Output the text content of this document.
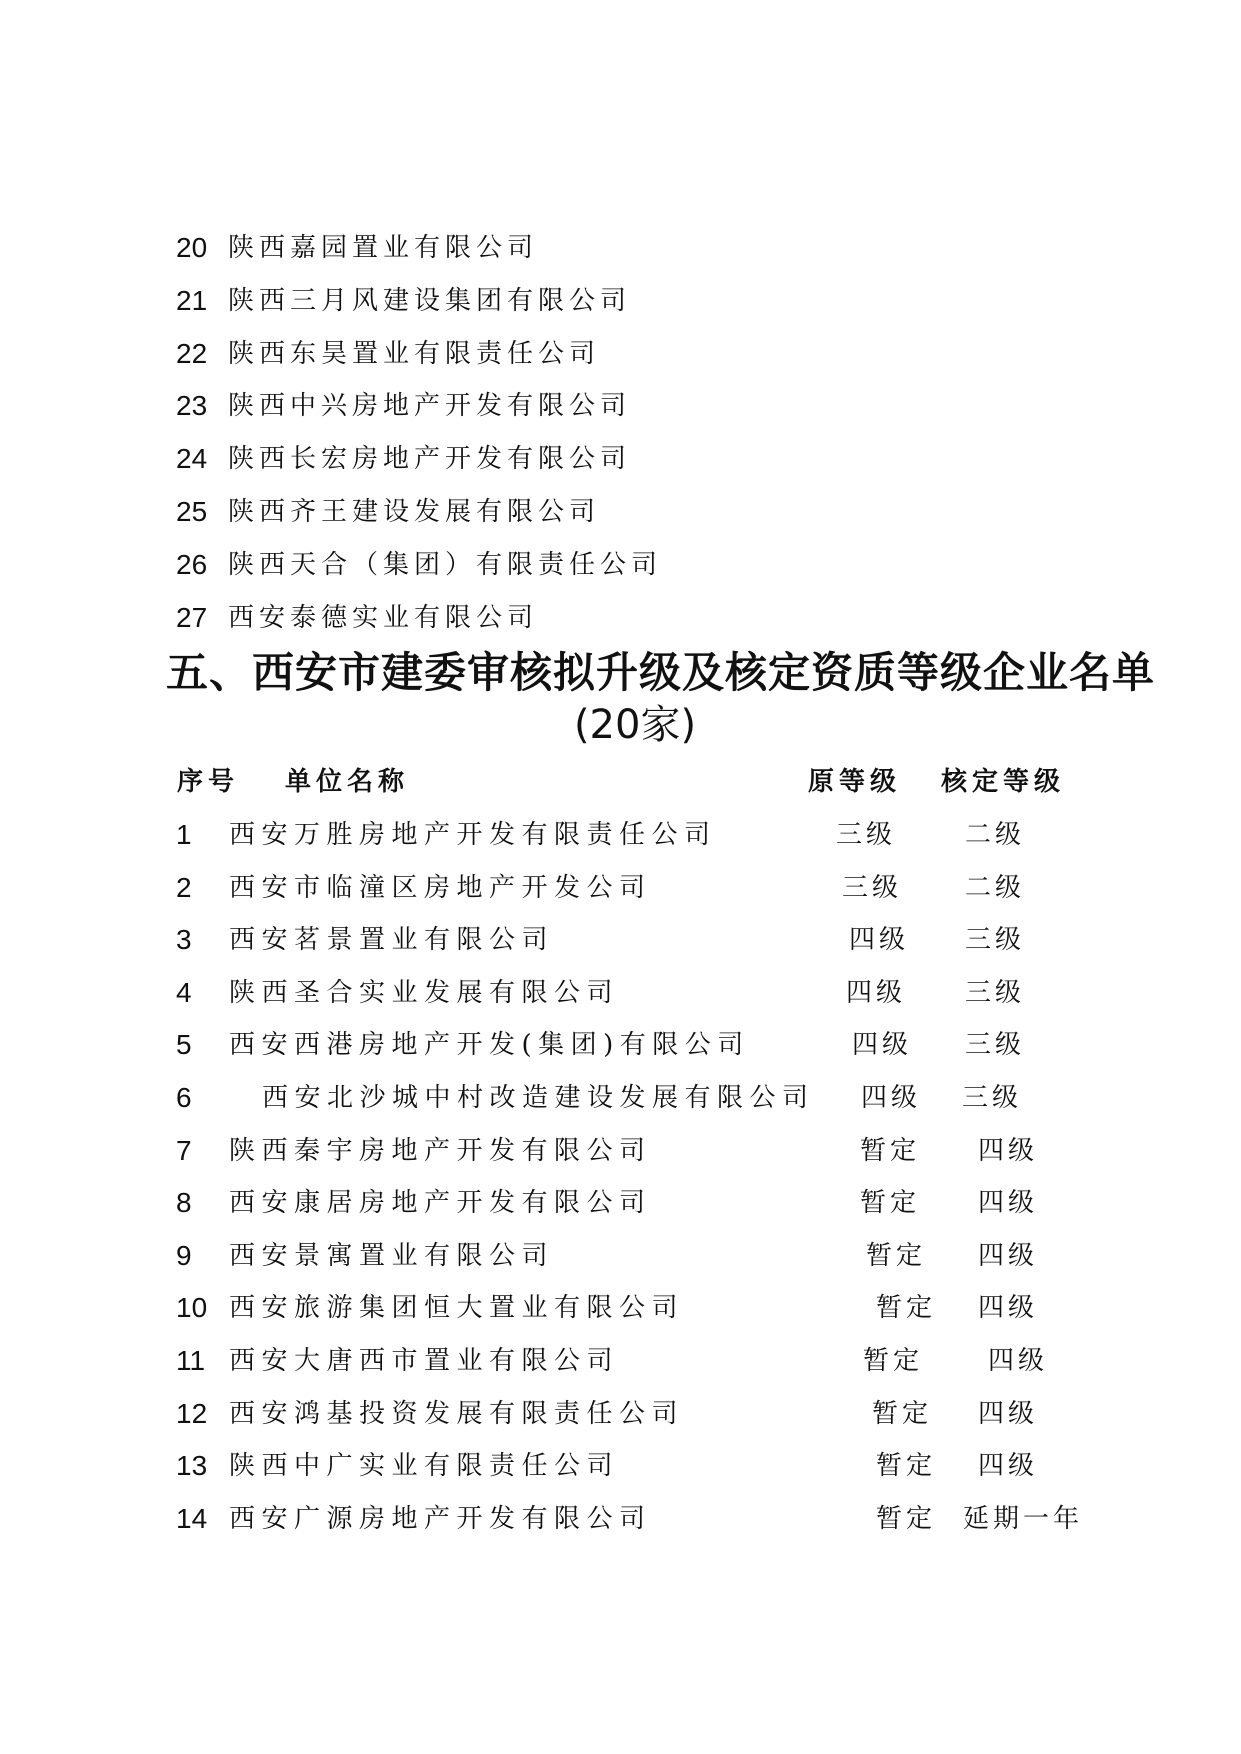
20 陕西嘉园置业有限公司
21 陕西三月风建设集团有限公司
22 陕西东昊置业有限责任公司
23 陕西中兴房地产开发有限公司
24 陕西长宏房地产开发有限公司
25 陕西齐王建设发展有限公司
26 陕西天合（集团）有限责任公司
27 西安泰德实业有限公司
五、西安市建委审核拟升级及核定资质等级企业名单
(20家)
序号 单位名称	原等级 核定等级
1 西安万胜房地产开发有限责任公司	三级	二级
2 西安市临潼区房地产开发公司	三级 二级
3 西安茗景置业有限公司	四级 三级
4 陕西圣合实业发展有限公司	四级 三级
5 西安西港房地产开发(集团)有限公司	四级 三级
6	西安北沙城中村改造建设发展有限公司 四级 三级
7 陕西秦宇房地产开发有限公司	暂定 四级
8 西安康居房地产开发有限公司	暂定 四级
9 西安景寓置业有限公司	暂定 四级
10 西安旅游集团恒大置业有限公司	暂定 四级
11 西安大唐西市置业有限公司	暂定 四级
12 西安鸿基投资发展有限责任公司	暂定 四级
13 陕西中广实业有限责任公司	暂定 四级
14 西安广源房地产开发有限公司	暂定 延期一年
